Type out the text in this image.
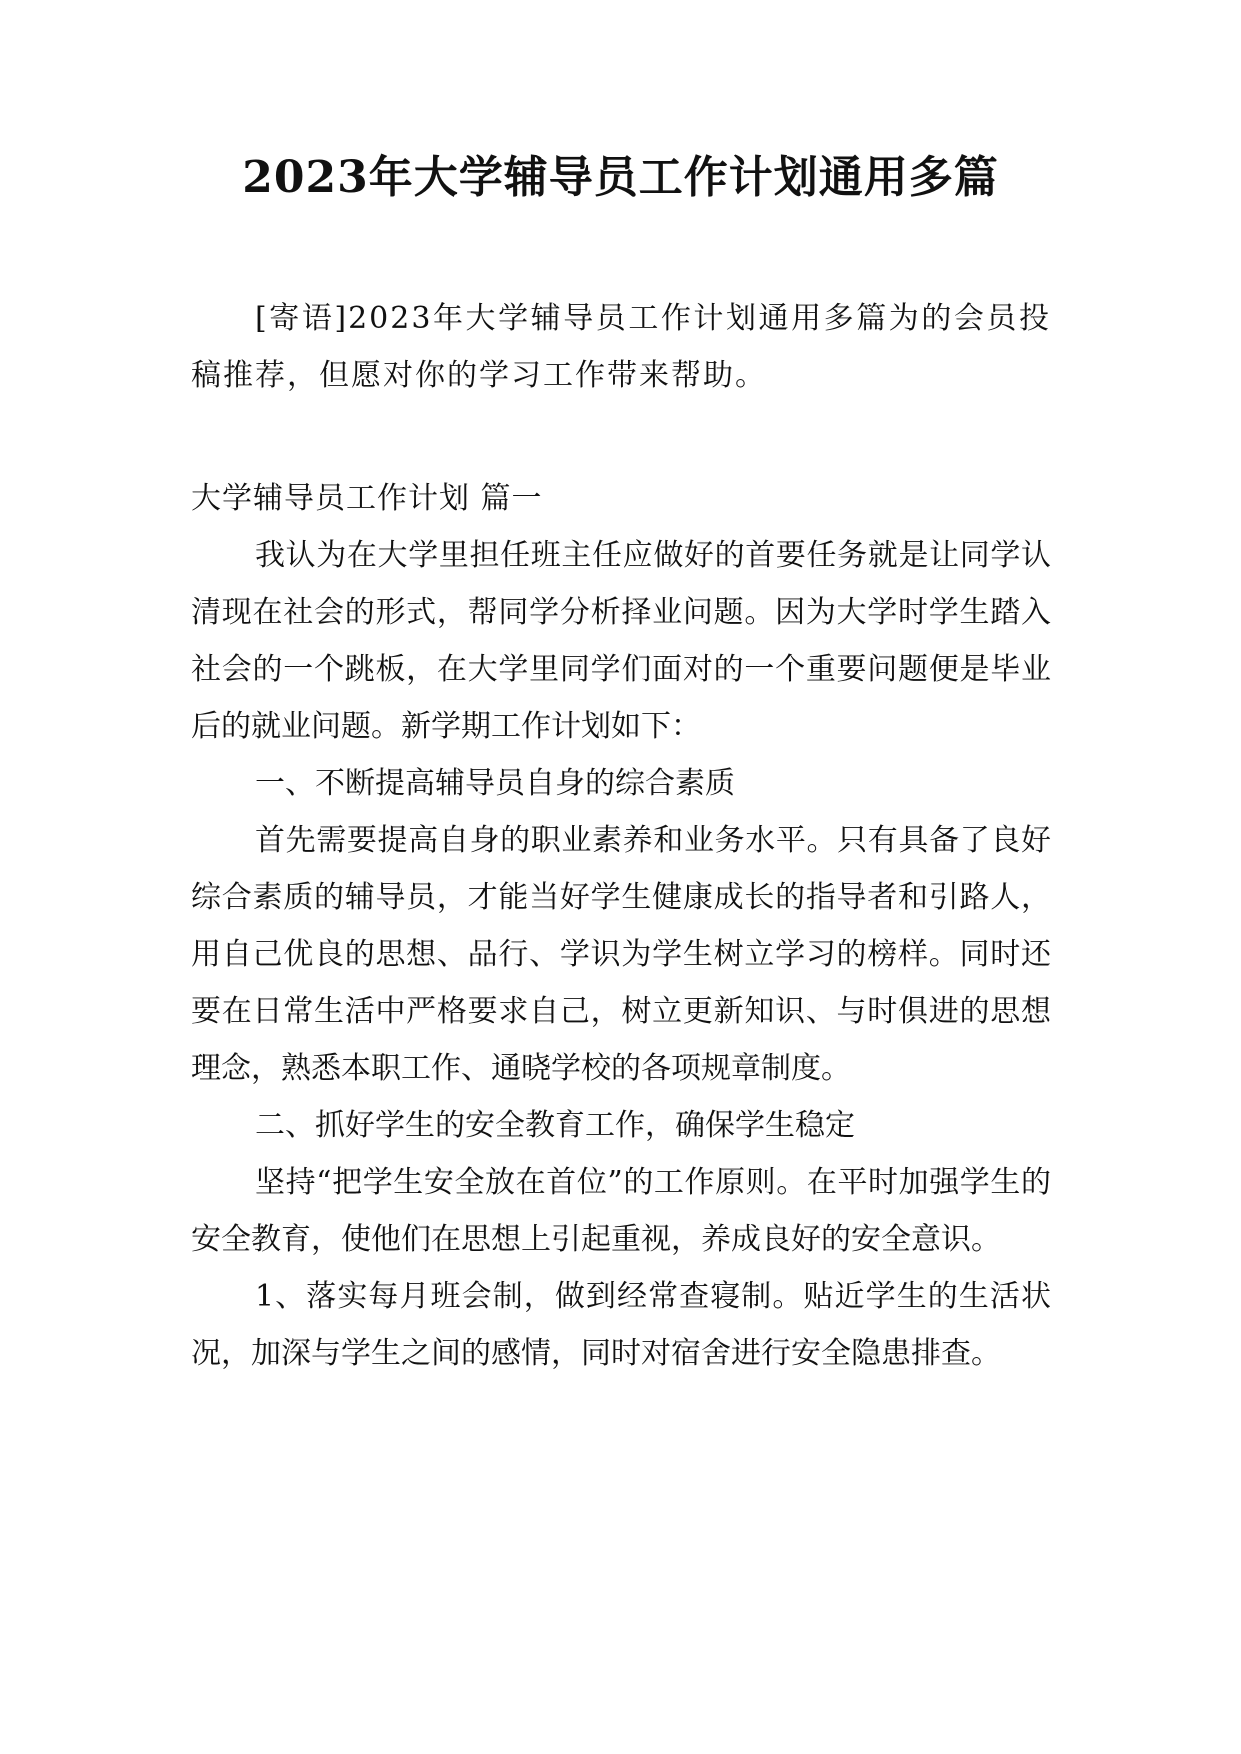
2023年大学辅导员工作计划通用多篇

[寄语]2023年大学辅导员工作计划通用多篇为的会员投稿推荐，但愿对你的学习工作带来帮助。

大学辅导员工作计划 篇一

我认为在大学里担任班主任应做好的首要任务就是让同学认清现在社会的形式，帮同学分析择业问题。因为大学时学生踏入社会的一个跳板，在大学里同学们面对的一个重要问题便是毕业后的就业问题。新学期工作计划如下：

一、不断提高辅导员自身的综合素质

首先需要提高自身的职业素养和业务水平。只有具备了良好综合素质的辅导员，才能当好学生健康成长的指导者和引路人，用自己优良的思想、品行、学识为学生树立学习的榜样。同时还要在日常生活中严格要求自己，树立更新知识、与时俱进的思想理念，熟悉本职工作、通晓学校的各项规章制度。

二、抓好学生的安全教育工作，确保学生稳定

坚持“把学生安全放在首位”的工作原则。在平时加强学生的安全教育，使他们在思想上引起重视，养成良好的安全意识。

1、落实每月班会制，做到经常查寝制。贴近学生的生活状况，加深与学生之间的感情，同时对宿舍进行安全隐患排查。
